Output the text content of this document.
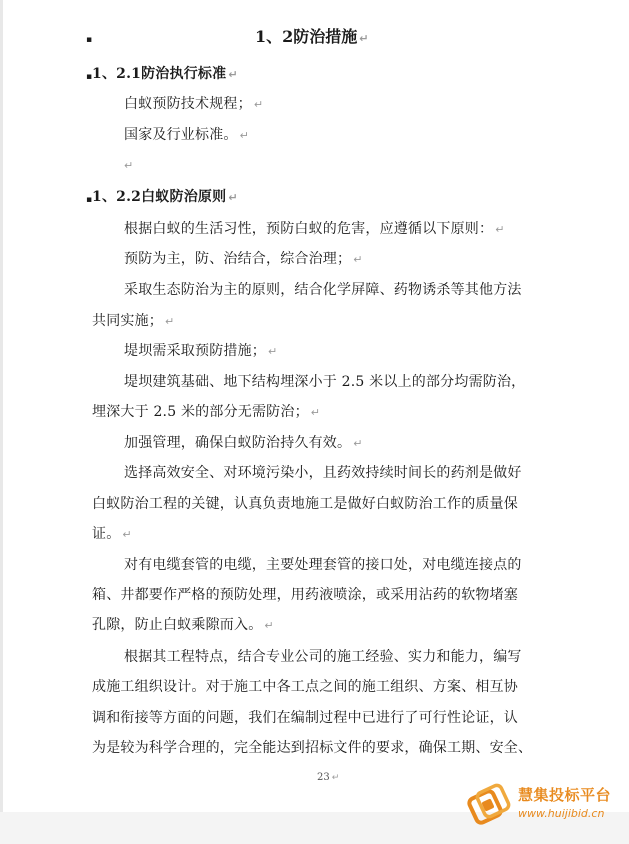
▪	1、2防治措施 ↵
▪ 1、2.1防治执行标准 ↵
白蚁预防技术规程； ↵
国家及行业标准。 ↵
↵
▪ 1、2.2白蚁防治原则 ↵
根据白蚁的生活习性，预防白蚁的危害，应遵循以下原则： ↵
预防为主，防、治结合，综合治理； ↵
采取生态防治为主的原则，结合化学屏障、药物诱杀等其他方法
共同实施； ↵
堤坝需采取预防措施； ↵
堤坝建筑基础、地下结构埋深小于 2.5 米以上的部分均需防治，
埋深大于 2.5 米的部分无需防治； ↵
加强管理，确保白蚁防治持久有效。 ↵
选择高效安全、对环境污染小，且药效持续时间长的药剂是做好
白蚁防治工程的关键，认真负责地施工是做好白蚁防治工作的质量保
证。 ↵
对有电缆套管的电缆，主要处理套管的接口处，对电缆连接点的
箱、井都要作严格的预防处理，用药液喷涂，或采用沾药的软物堵塞
孔隙，防止白蚁乘隙而入。 ↵
根据其工程特点，结合专业公司的施工经验、实力和能力，编写
成施工组织设计。对于施工中各工点之间的施工组织、方案、相互协
调和衔接等方面的问题，我们在编制过程中已进行了可行性论证，认
为是较为科学合理的，完全能达到招标文件的要求，确保工期、安全、
23 ↵
慧集投标平台
www.huijibid.cn
